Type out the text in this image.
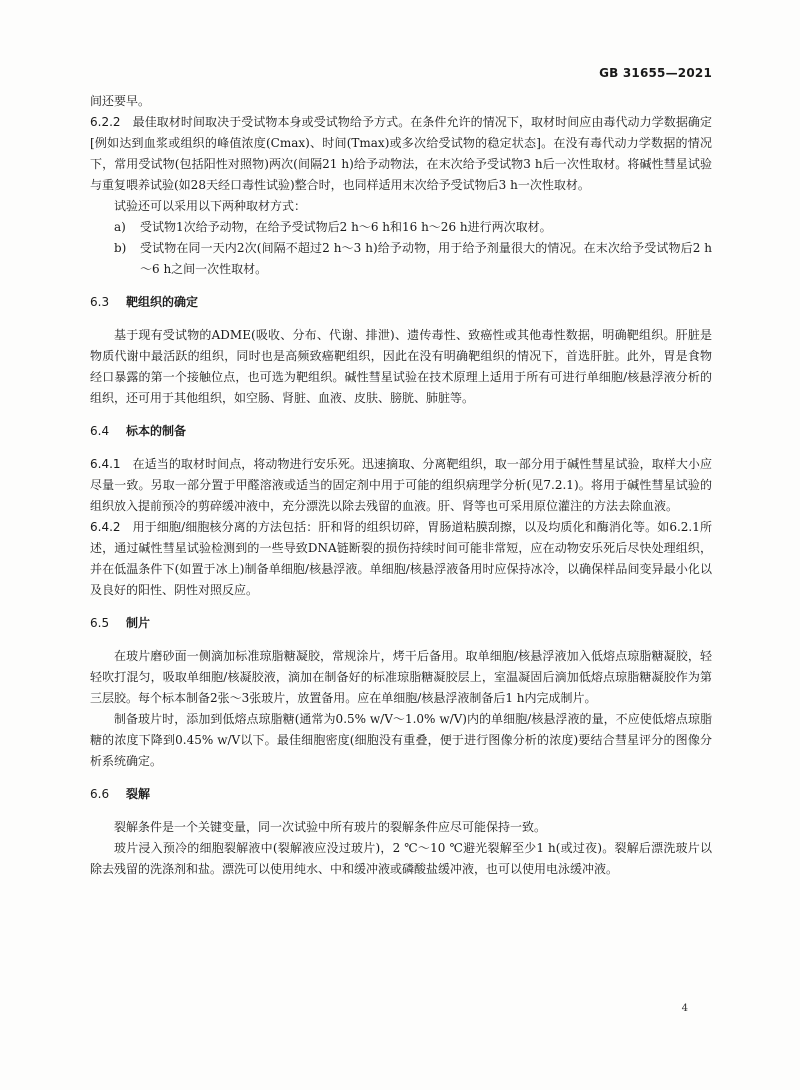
GB 31655—2021

间还要早。

6.2.2 最佳取材时间取决于受试物本身或受试物给予方式。在条件允许的情况下，取材时间应由毒代动力学数据确定[例如达到血浆或组织的峰值浓度(Cmax)、时间(Tmax)或多次给受试物的稳定状态]。在没有毒代动力学数据的情况下，常用受试物(包括阳性对照物)两次(间隔21 h)给予动物法，在末次给予受试物3 h后一次性取材。将碱性彗星试验与重复喂养试验(如28天经口毒性试验)整合时，也同样适用末次给予受试物后3 h一次性取材。

试验还可以采用以下两种取材方式：

a)	受试物1次给予动物，在给予受试物后2 h～6 h和16 h～26 h进行两次取材。
b)	受试物在同一天内2次(间隔不超过2 h～3 h)给予动物，用于给予剂量很大的情况。在末次给予受试物后2 h～6 h之间一次性取材。
6.3 靶组织的确定

基于现有受试物的ADME(吸收、分布、代谢、排泄)、遗传毒性、致癌性或其他毒性数据，明确靶组织。肝脏是物质代谢中最活跃的组织，同时也是高频致癌靶组织，因此在没有明确靶组织的情况下，首选肝脏。此外，胃是食物经口暴露的第一个接触位点，也可选为靶组织。碱性彗星试验在技术原理上适用于所有可进行单细胞/核悬浮液分析的组织，还可用于其他组织，如空肠、肾脏、血液、皮肤、膀胱、肺脏等。

6.4 标本的制备

6.4.1 在适当的取材时间点，将动物进行安乐死。迅速摘取、分离靶组织，取一部分用于碱性彗星试验，取样大小应尽量一致。另取一部分置于甲醛溶液或适当的固定剂中用于可能的组织病理学分析(见7.2.1)。将用于碱性彗星试验的组织放入提前预冷的剪碎缓冲液中，充分漂洗以除去残留的血液。肝、肾等也可采用原位灌注的方法去除血液。

6.4.2 用于细胞/细胞核分离的方法包括：肝和肾的组织切碎，胃肠道粘膜刮擦，以及均质化和酶消化等。如6.2.1所述，通过碱性彗星试验检测到的一些导致DNA链断裂的损伤持续时间可能非常短，应在动物安乐死后尽快处理组织，并在低温条件下(如置于冰上)制备单细胞/核悬浮液。单细胞/核悬浮液备用时应保持冰冷，以确保样品间变异最小化以及良好的阳性、阴性对照反应。

6.5 制片

在玻片磨砂面一侧滴加标准琼脂糖凝胶，常规涂片，烤干后备用。取单细胞/核悬浮液加入低熔点琼脂糖凝胶，轻轻吹打混匀，吸取单细胞/核凝胶液，滴加在制备好的标准琼脂糖凝胶层上，室温凝固后滴加低熔点琼脂糖凝胶作为第三层胶。每个标本制备2张～3张玻片，放置备用。应在单细胞/核悬浮液制备后1 h内完成制片。

制备玻片时，添加到低熔点琼脂糖(通常为0.5% w/V～1.0% w/V)内的单细胞/核悬浮液的量，不应使低熔点琼脂糖的浓度下降到0.45% w/V以下。最佳细胞密度(细胞没有重叠，便于进行图像分析的浓度)要结合彗星评分的图像分析系统确定。

6.6 裂解

裂解条件是一个关键变量，同一次试验中所有玻片的裂解条件应尽可能保持一致。

玻片浸入预冷的细胞裂解液中(裂解液应没过玻片)，2 ℃～10 ℃避光裂解至少1 h(或过夜)。裂解后漂洗玻片以除去残留的洗涤剂和盐。漂洗可以使用纯水、中和缓冲液或磷酸盐缓冲液，也可以使用电泳缓冲液。

4
